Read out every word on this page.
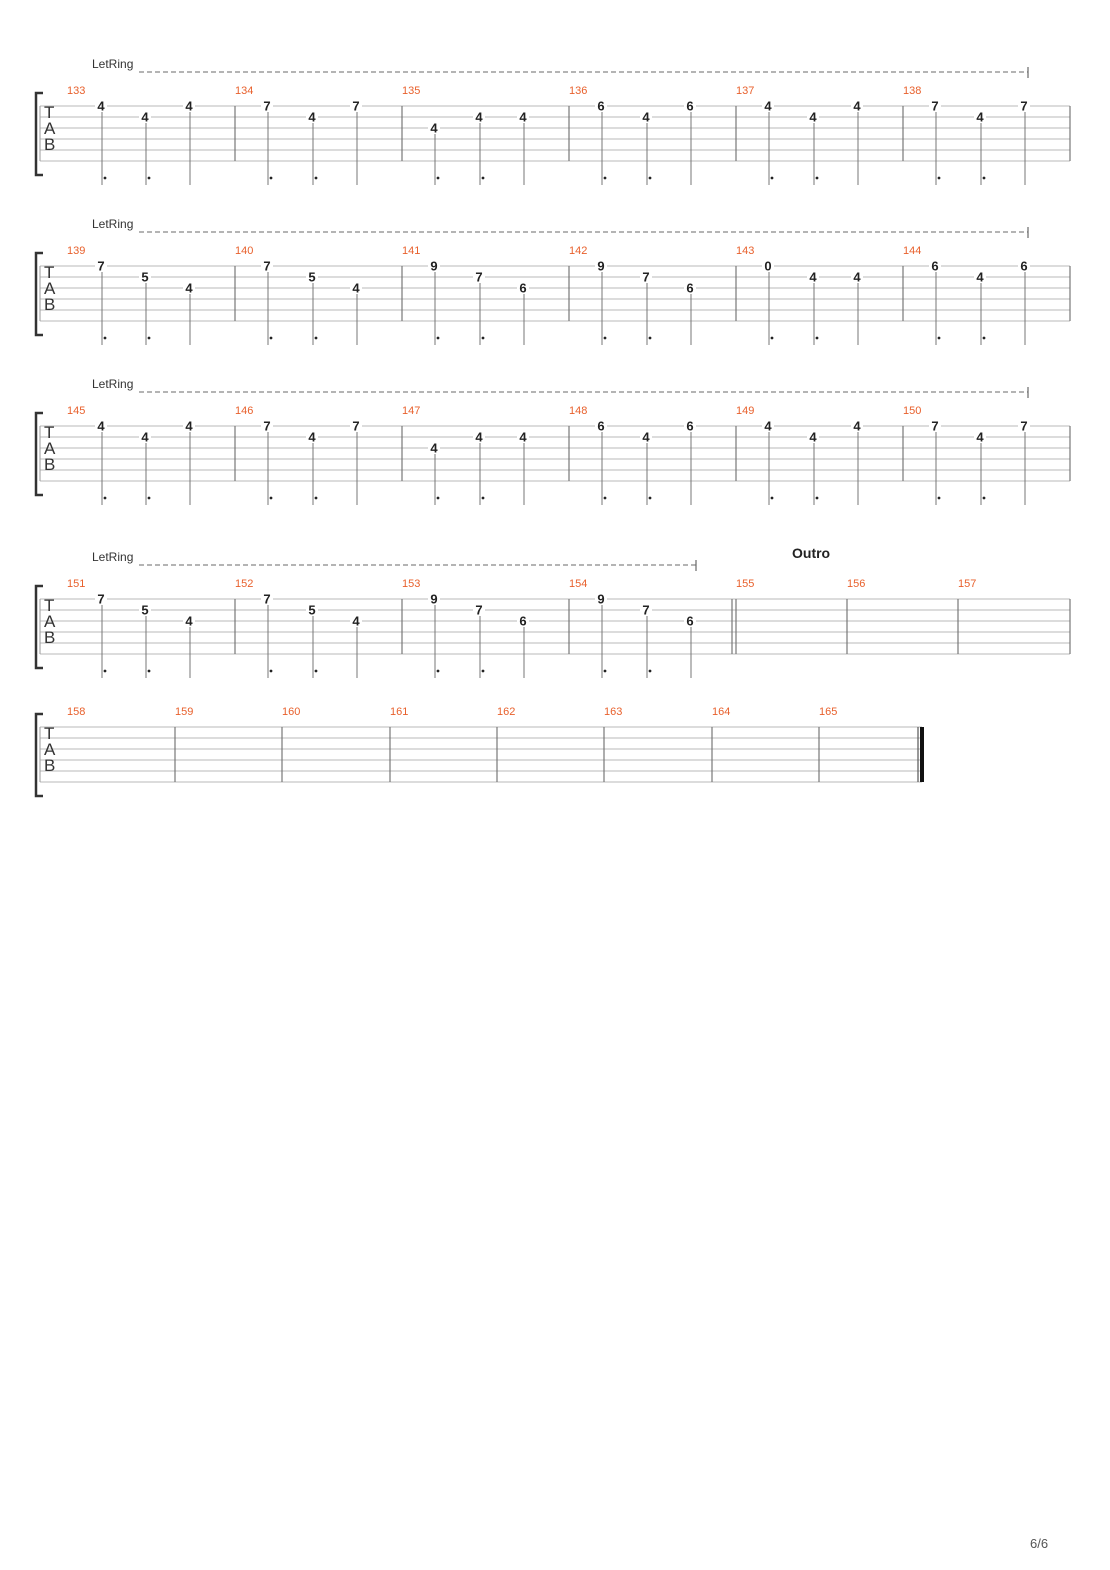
LetRing
T
A
B
133
4
4
4
134
7
4
7
135
4
4	4
136
6
4
6
137
4
4
4
138
7
4
7
LetRing
T
A
B
139
7
5
4
140
7
5
4
141
9
7
6
142
9
7
6
143
0
4	4
144
6
4
6
LetRing
T
A
B
145
4
4
4
146
7
4
7
147
4
4	4
148
6
4
6
149
4
4
4
150
7
4
7
LetRing	Outro
T
A
B
151
7
5
4
152
7
5
4
153
9
7
6
154
9
7
6
155	156	157
T
A
B
158	159	160	161	162	163	164	165
6/6
